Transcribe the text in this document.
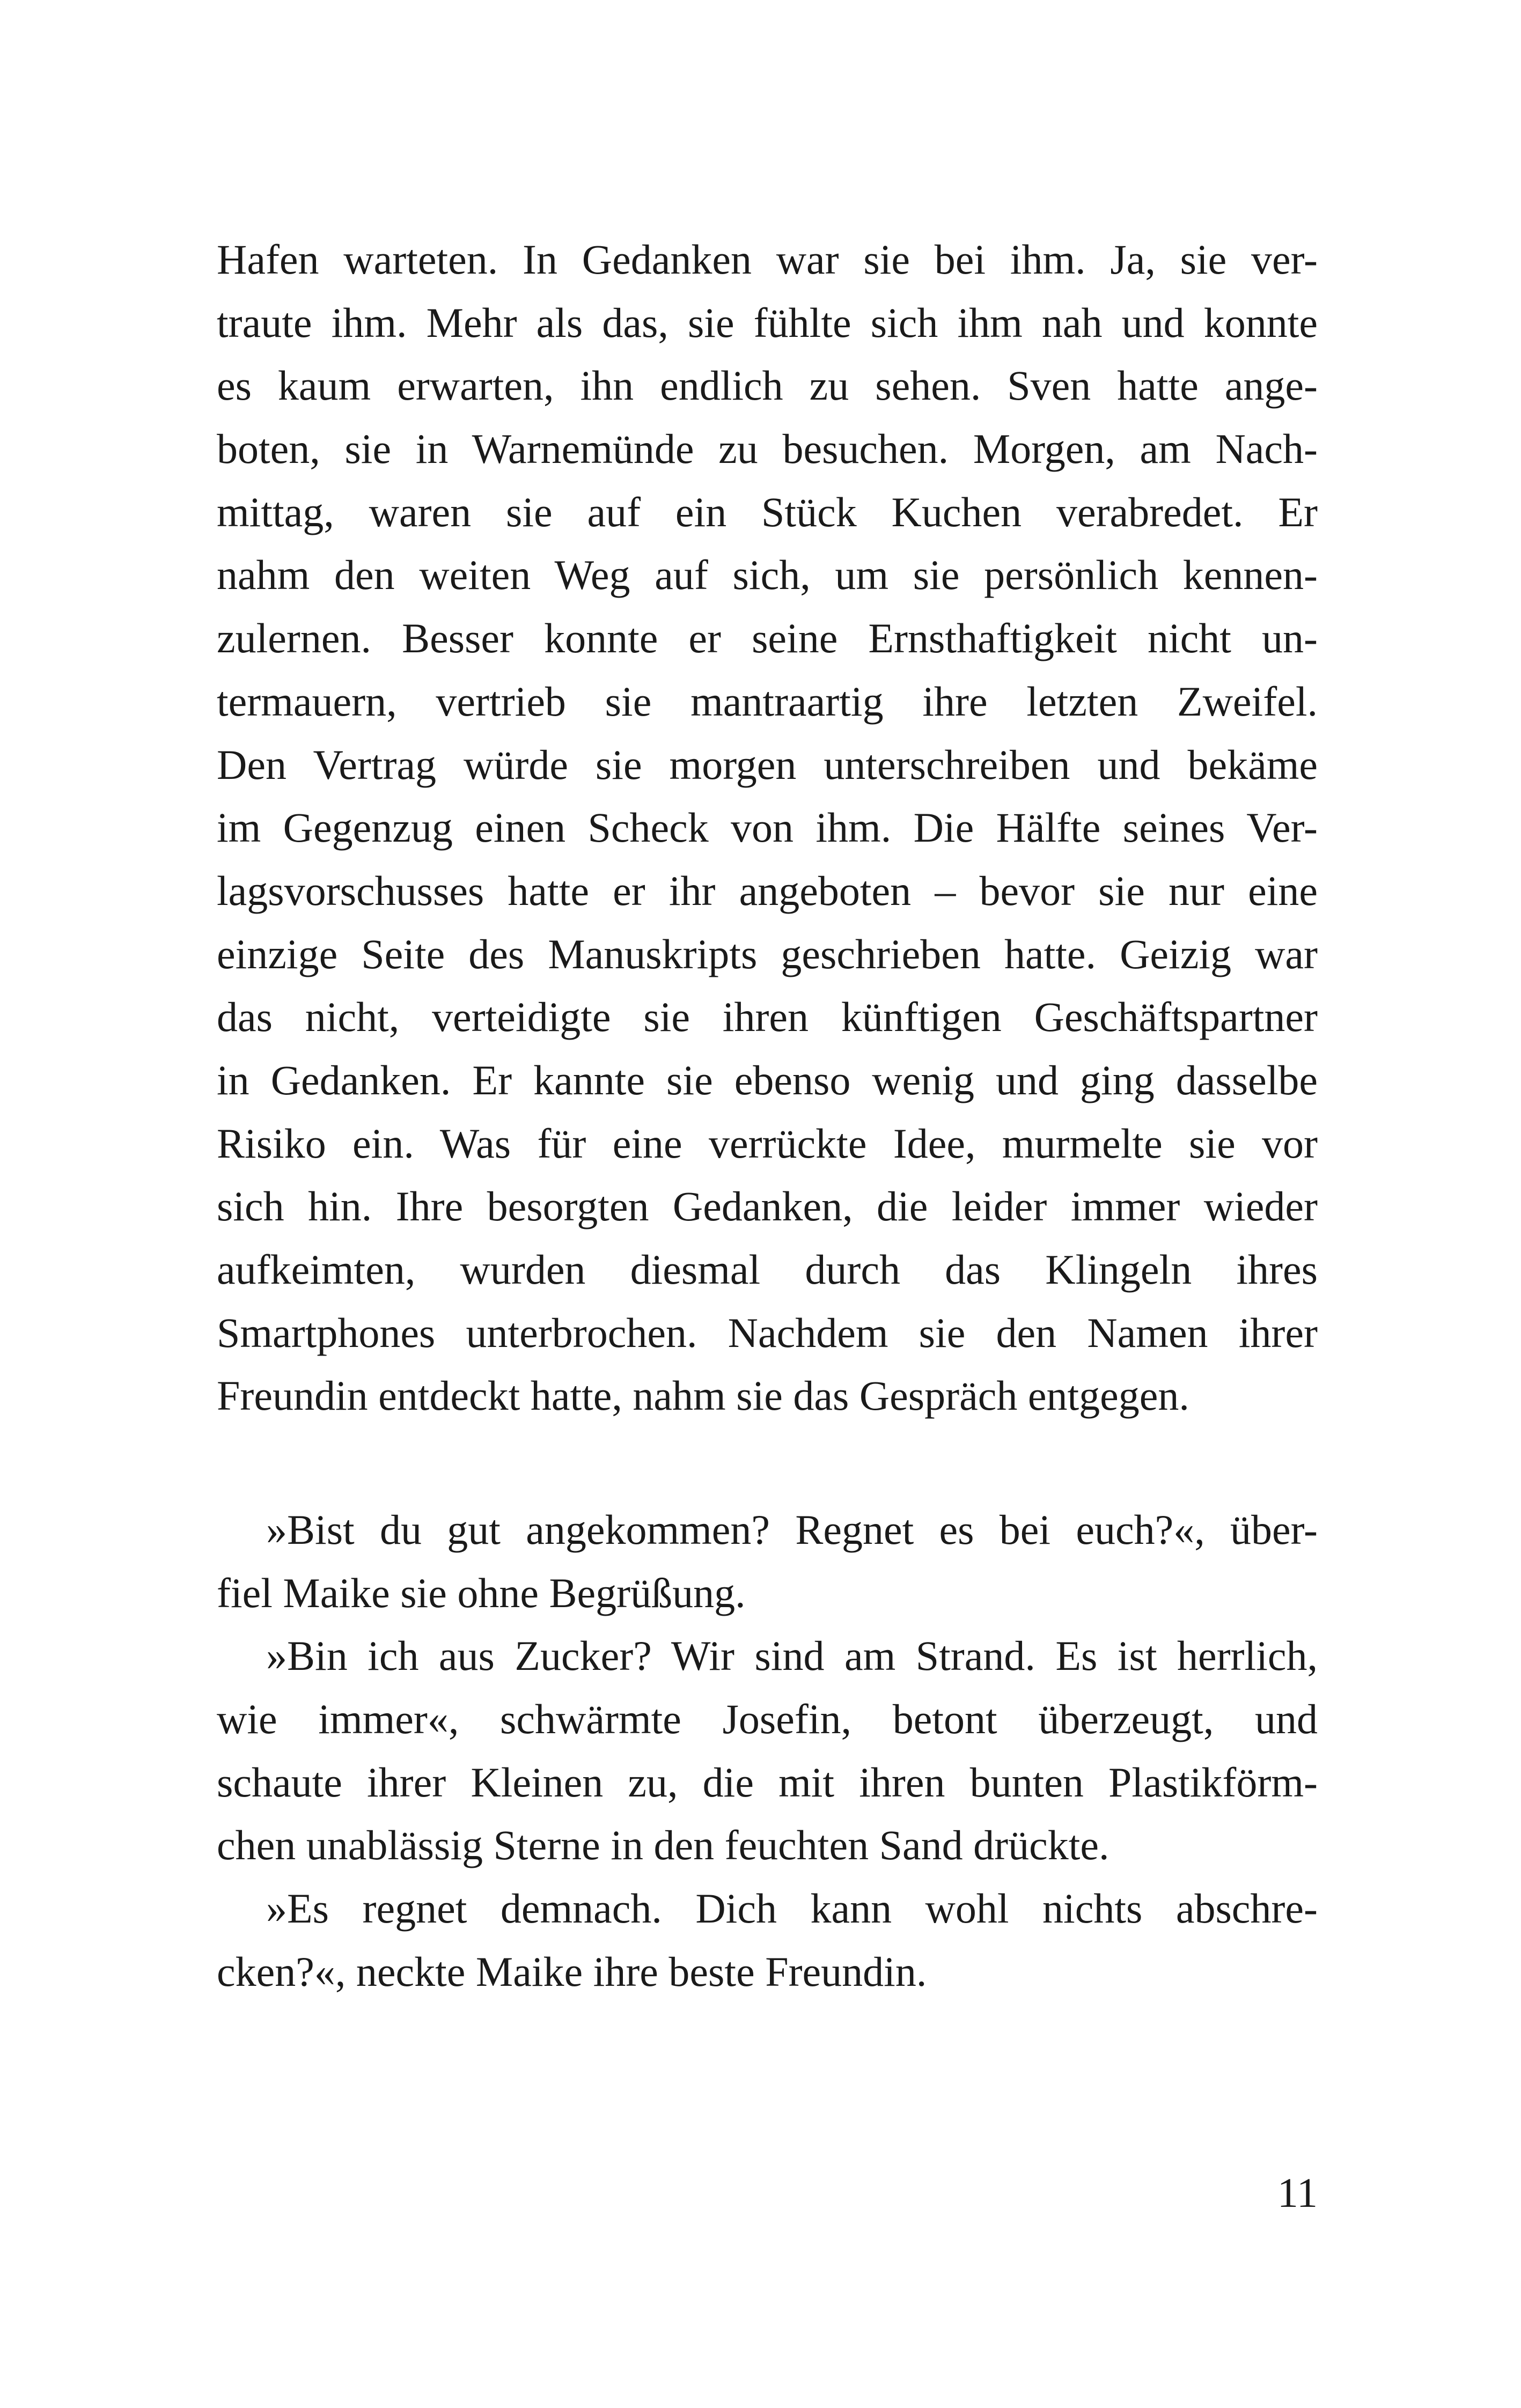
Hafen warteten. In Gedanken war sie bei ihm. Ja, sie ver-
traute ihm. Mehr als das, sie fühlte sich ihm nah und konnte
es kaum erwarten, ihn endlich zu sehen. Sven hatte ange-
boten, sie in Warnemünde zu besuchen. Morgen, am Nach-
mittag, waren sie auf ein Stück Kuchen verabredet. Er
nahm den weiten Weg auf sich, um sie persönlich kennen-
zulernen. Besser konnte er seine Ernsthaftigkeit nicht un-
termauern, vertrieb sie mantraartig ihre letzten Zweifel.
Den Vertrag würde sie morgen unterschreiben und bekäme
im Gegenzug einen Scheck von ihm. Die Hälfte seines Ver-
lagsvorschusses hatte er ihr angeboten – bevor sie nur eine
einzige Seite des Manuskripts geschrieben hatte. Geizig war
das nicht, verteidigte sie ihren künftigen Geschäftspartner
in Gedanken. Er kannte sie ebenso wenig und ging dasselbe
Risiko ein. Was für eine verrückte Idee, murmelte sie vor
sich hin. Ihre besorgten Gedanken, die leider immer wieder
aufkeimten, wurden diesmal durch das Klingeln ihres
Smartphones unterbrochen. Nachdem sie den Namen ihrer
Freundin entdeckt hatte, nahm sie das Gespräch entgegen.
»Bist du gut angekommen? Regnet es bei euch?«, über-
fiel Maike sie ohne Begrüßung.
»Bin ich aus Zucker? Wir sind am Strand. Es ist herrlich,
wie immer«, schwärmte Josefin, betont überzeugt, und
schaute ihrer Kleinen zu, die mit ihren bunten Plastikförm-
chen unablässig Sterne in den feuchten Sand drückte.
»Es regnet demnach. Dich kann wohl nichts abschre-
cken?«, neckte Maike ihre beste Freundin.
11
